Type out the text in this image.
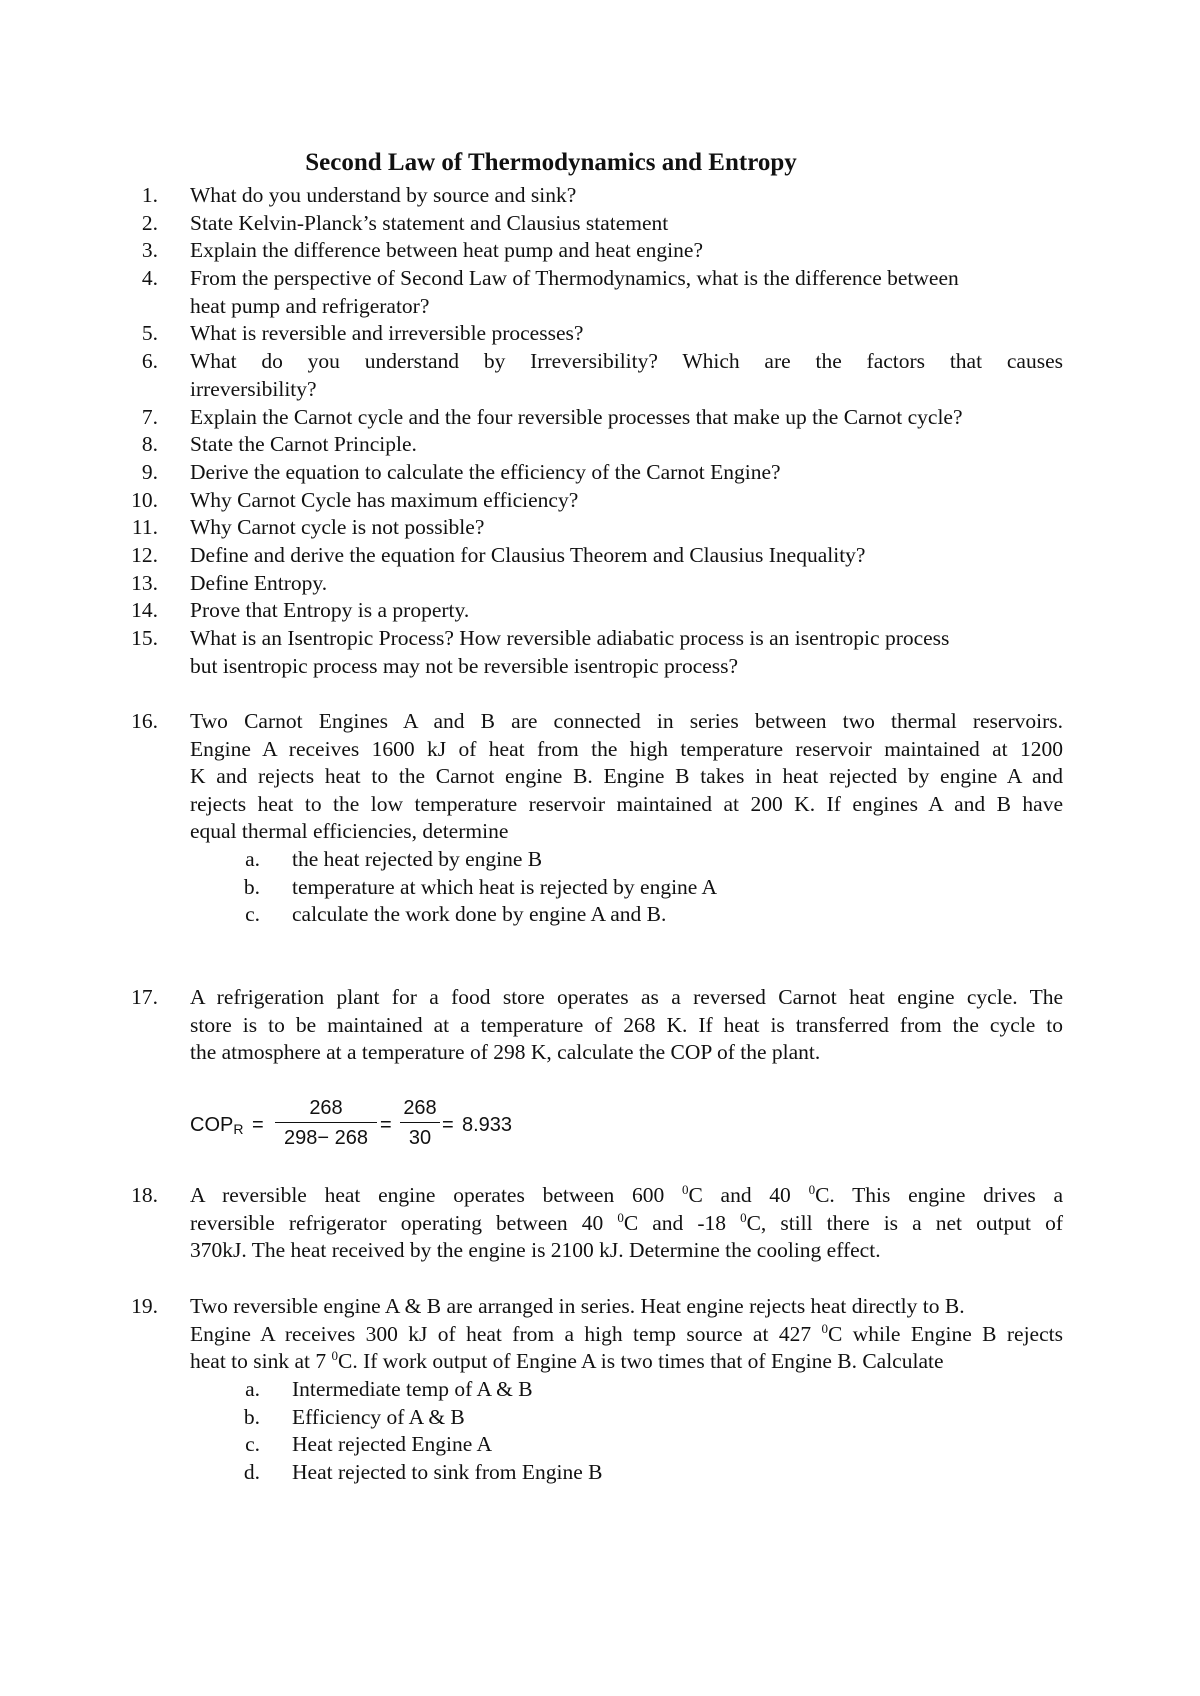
Second Law of Thermodynamics and Entropy
1. What do you understand by source and sink?
2. State Kelvin-Planck’s statement and Clausius statement
3. Explain the difference between heat pump and heat engine?
4. From the perspective of Second Law of Thermodynamics, what is the difference between
heat pump and refrigerator?
5. What is reversible and irreversible processes?
6. What do you understand by Irreversibility? Which are the factors that causes
irreversibility?
7. Explain the Carnot cycle and the four reversible processes that make up the Carnot cycle?
8. State the Carnot Principle.
9. Derive the equation to calculate the efficiency of the Carnot Engine?
10. Why Carnot Cycle has maximum efficiency?
11. Why Carnot cycle is not possible?
12. Define and derive the equation for Clausius Theorem and Clausius Inequality?
13. Define Entropy.
14. Prove that Entropy is a property.
15. What is an Isentropic Process? How reversible adiabatic process is an isentropic process
but isentropic process may not be reversible isentropic process?
16. Two Carnot Engines A and B are connected in series between two thermal reservoirs.
Engine A receives 1600 kJ of heat from the high temperature reservoir maintained at 1200
K and rejects heat to the Carnot engine B. Engine B takes in heat rejected by engine A and
rejects heat to the low temperature reservoir maintained at 200 K. If engines A and B have
equal thermal efficiencies, determine
a. the heat rejected by engine B
b. temperature at which heat is rejected by engine A
c. calculate the work done by engine A and B.
17. A refrigeration plant for a food store operates as a reversed Carnot heat engine cycle. The
store is to be maintained at a temperature of 268 K. If heat is transferred from the cycle to
the atmosphere at a temperature of 298 K, calculate the COP of the plant.
$COP_R = \frac{268}{298- 268} = \frac{268}{30} = 8.933$
18. A reversible heat engine operates between 600 $^0$C and 40 $^0$C. This engine drives a
reversible refrigerator operating between 40 $^0$C and -18 $^0$C, still there is a net output of
370kJ. The heat received by the engine is 2100 kJ. Determine the cooling effect.
19. Two reversible engine A & B are arranged in series. Heat engine rejects heat directly to B.
Engine A receives 300 kJ of heat from a high temp source at 427 $^0$C while Engine B rejects
heat to sink at 7 $^0$C. If work output of Engine A is two times that of Engine B. Calculate
a. Intermediate temp of A & B
b. Efficiency of A & B
c. Heat rejected Engine A
d. Heat rejected to sink from Engine B
